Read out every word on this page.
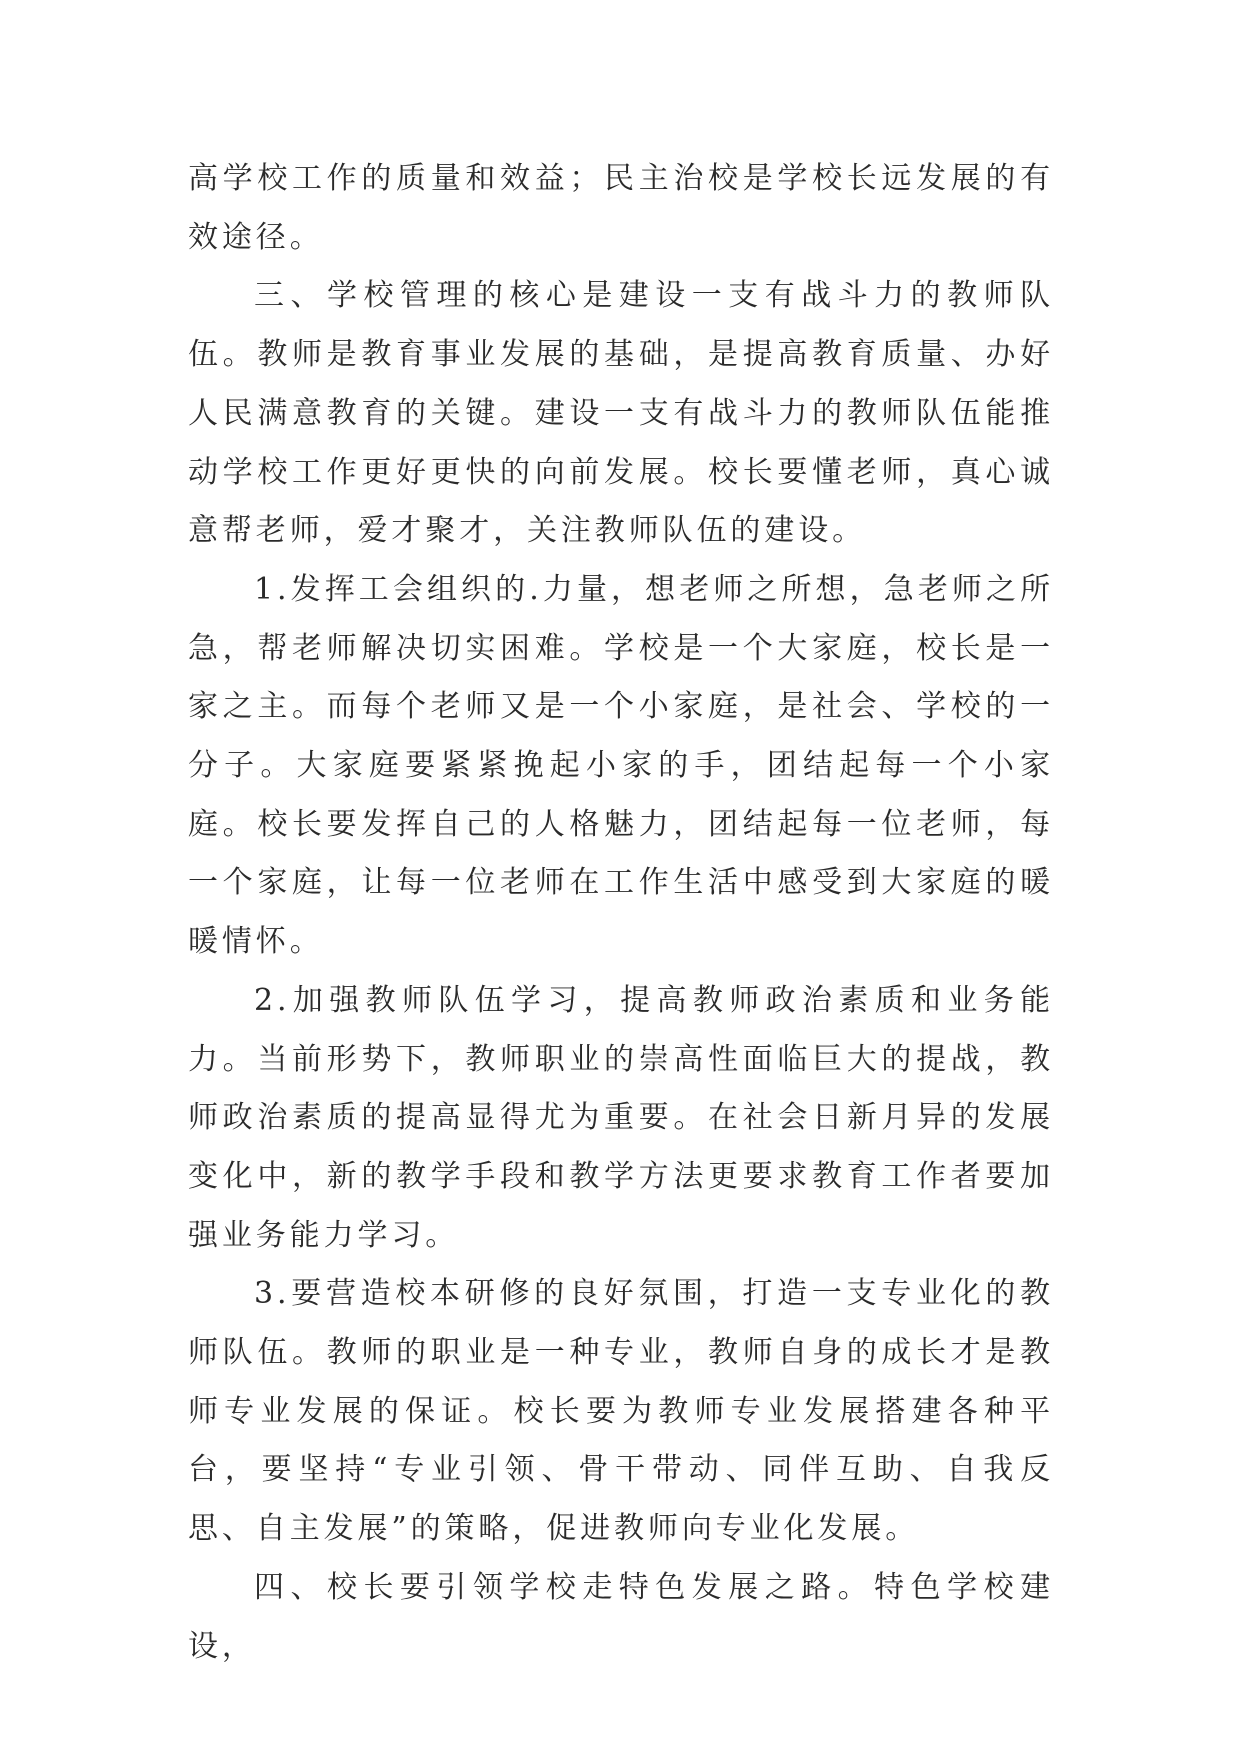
高学校工作的质量和效益；民主治校是学校长远发展的有效途径。

三、学校管理的核心是建设一支有战斗力的教师队伍。教师是教育事业发展的基础，是提高教育质量、办好人民满意教育的关键。建设一支有战斗力的教师队伍能推动学校工作更好更快的向前发展。校长要懂老师，真心诚意帮老师，爱才聚才，关注教师队伍的建设。

1.发挥工会组织的.力量，想老师之所想，急老师之所急，帮老师解决切实困难。学校是一个大家庭，校长是一家之主。而每个老师又是一个小家庭，是社会、学校的一分子。大家庭要紧紧挽起小家的手，团结起每一个小家庭。校长要发挥自己的人格魅力，团结起每一位老师，每一个家庭，让每一位老师在工作生活中感受到大家庭的暖暖情怀。

2.加强教师队伍学习，提高教师政治素质和业务能力。当前形势下，教师职业的崇高性面临巨大的提战，教师政治素质的提高显得尤为重要。在社会日新月异的发展变化中，新的教学手段和教学方法更要求教育工作者要加强业务能力学习。

3.要营造校本研修的良好氛围，打造一支专业化的教师队伍。教师的职业是一种专业，教师自身的成长才是教师专业发展的保证。校长要为教师专业发展搭建各种平台，要坚持“专业引领、骨干带动、同伴互助、自我反思、自主发展”的策略，促进教师向专业化发展。

四、校长要引领学校走特色发展之路。特色学校建设，
